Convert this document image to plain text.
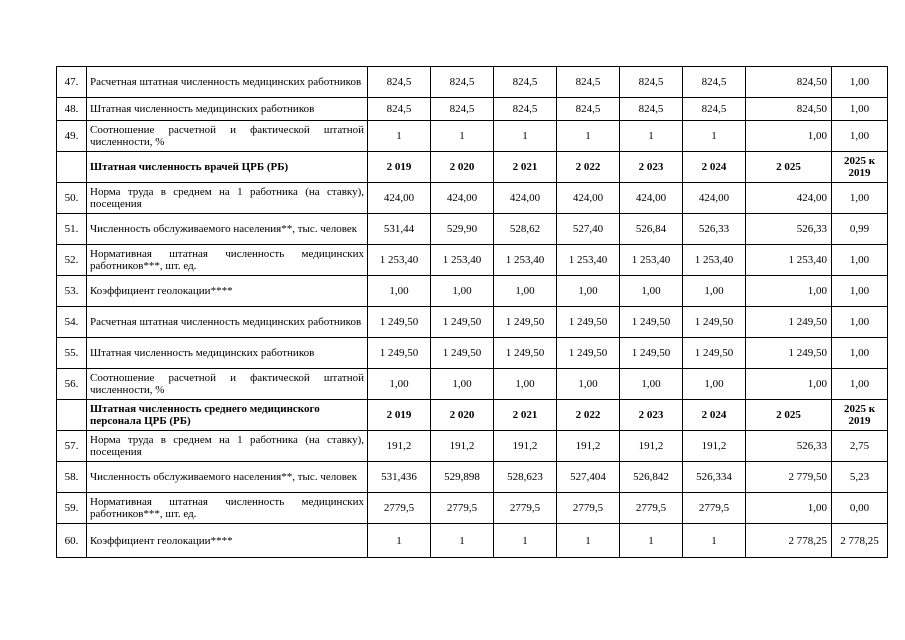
47.	Расчетная штатная численность медицинских работников	824,5	824,5	824,5	824,5	824,5	824,5	824,50	1,00
48.	Штатная численность медицинских работников	824,5	824,5	824,5	824,5	824,5	824,5	824,50	1,00
49.	Соотношение расчетной и фактической штатной численности, %	1	1	1	1	1	1	1,00	1,00
	Штатная численность врачей ЦРБ (РБ)	2 019	2 020	2 021	2 022	2 023	2 024	2 025	2025 к 2019
50.	Норма труда в среднем на 1 работника (на ставку), посещения	424,00	424,00	424,00	424,00	424,00	424,00	424,00	1,00
51.	Численность обслуживаемого населения**, тыс. человек	531,44	529,90	528,62	527,40	526,84	526,33	526,33	0,99
52.	Нормативная штатная численность медицинских работников***, шт. ед.	1 253,40	1 253,40	1 253,40	1 253,40	1 253,40	1 253,40	1 253,40	1,00
53.	Коэффициент геолокации****	1,00	1,00	1,00	1,00	1,00	1,00	1,00	1,00
54.	Расчетная штатная численность медицинских работников	1 249,50	1 249,50	1 249,50	1 249,50	1 249,50	1 249,50	1 249,50	1,00
55.	Штатная численность медицинских работников	1 249,50	1 249,50	1 249,50	1 249,50	1 249,50	1 249,50	1 249,50	1,00
56.	Соотношение расчетной и фактической штатной численности, %	1,00	1,00	1,00	1,00	1,00	1,00	1,00	1,00
	Штатная численность среднего медицинского персонала ЦРБ (РБ)	2 019	2 020	2 021	2 022	2 023	2 024	2 025	2025 к 2019
57.	Норма труда в среднем на 1 работника (на ставку), посещения	191,2	191,2	191,2	191,2	191,2	191,2	526,33	2,75
58.	Численность обслуживаемого населения**, тыс. человек	531,436	529,898	528,623	527,404	526,842	526,334	2 779,50	5,23
59.	Нормативная штатная численность медицинских работников***, шт. ед.	2779,5	2779,5	2779,5	2779,5	2779,5	2779,5	1,00	0,00
60.	Коэффициент геолокации****	1	1	1	1	1	1	2 778,25	2 778,25
